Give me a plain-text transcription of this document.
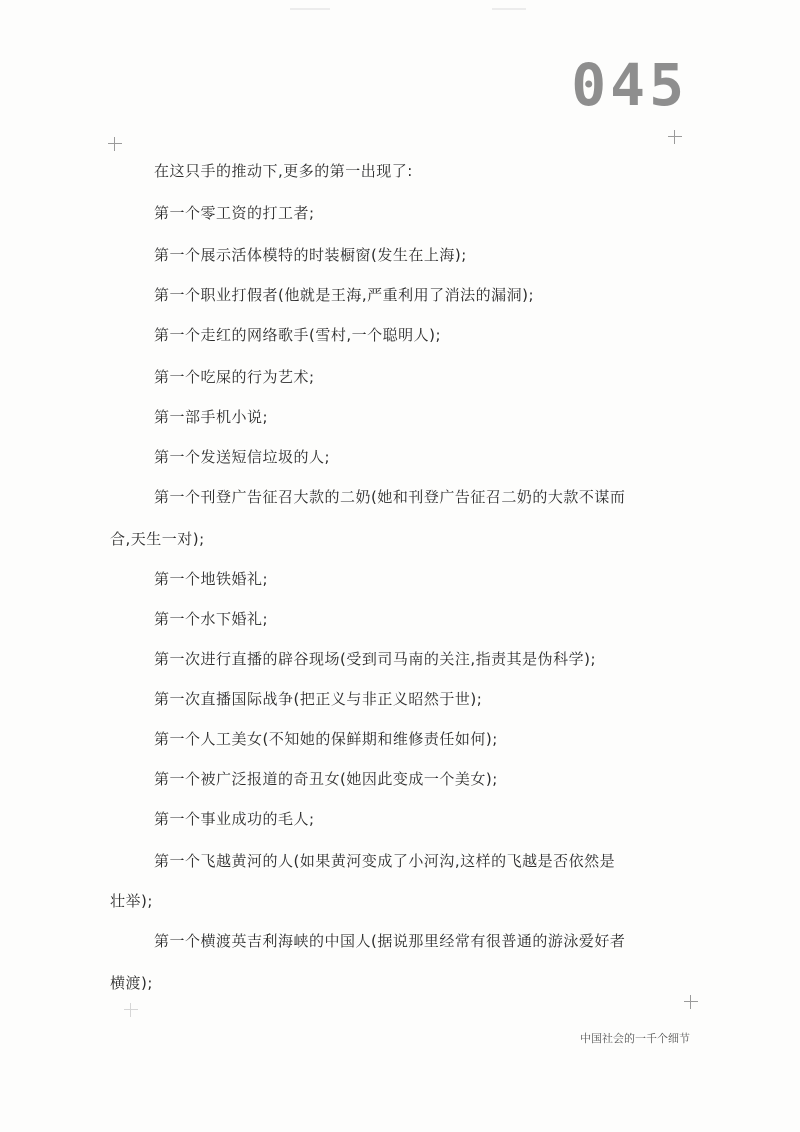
045
在这只手的推动下,更多的第一出现了:
第一个零工资的打工者;
第一个展示活体模特的时装橱窗(发生在上海);
第一个职业打假者(他就是王海,严重利用了消法的漏洞);
第一个走红的网络歌手(雪村,一个聪明人);
第一个吃屎的行为艺术;
第一部手机小说;
第一个发送短信垃圾的人;
第一个刊登广告征召大款的二奶(她和刊登广告征召二奶的大款不谋而
合,天生一对);
第一个地铁婚礼;
第一个水下婚礼;
第一次进行直播的辟谷现场(受到司马南的关注,指责其是伪科学);
第一次直播国际战争(把正义与非正义昭然于世);
第一个人工美女(不知她的保鲜期和维修责任如何);
第一个被广泛报道的奇丑女(她因此变成一个美女);
第一个事业成功的毛人;
第一个飞越黄河的人(如果黄河变成了小河沟,这样的飞越是否依然是
壮举);
第一个横渡英吉利海峡的中国人(据说那里经常有很普通的游泳爱好者
横渡);
中国社会的一千个细节
